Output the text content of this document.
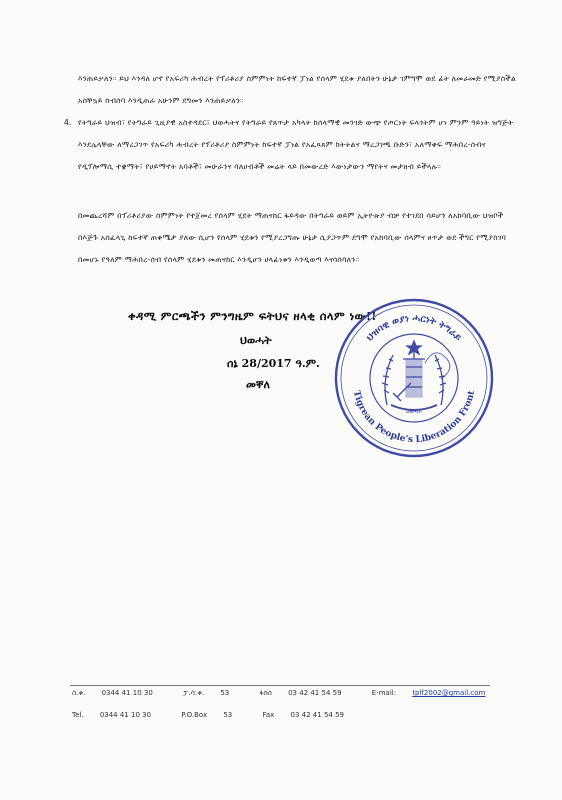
እንጠይቃለን። ይህ እንዳለ ሆኖ የአፍሪካ ሕብረት የፕሪቶሪያ ስምምነት ከፍተኛ ፓነል የሰላም ሂደቱ ያለበትን ሁኔታ ገምግሞ ወደ ፊት ለመራመድ የሚያስችል አሰቸኳይ ስብሰባ እንዲጠራ አሁንም ደግመን እንጠይቃለን።
4. የትግራይ ህዝብ፣ የትግራይ ጊዚያዊ አስተዳደር፣ ህወሓትና የትግራይ የጸጥታ አካላት ከሰላማዊ መንገድ ውጭ የጦርነት ፍላጎትም ሆነ ምንም ዓይነት ዝግጅት እንደሌላቸው ለማረጋገጥ የአፍሪካ ሕብረት የፕሪቶሪያ ስምምነት ከፍተኛ ፓነል የአፈጻጸም ክትትልና ማረጋገጫ ቡድን፣ አለማቀፍ ማሕበረ-ሰብና የዲፕሎማሲ ተቋማት፣ የሀይማኖት አባቶች፣ መሁራንና ባለሀብቶች መሬት ላይ በመውረድ እውነታውን ማየትና መታዘብ ይችላሉ።
በመጨረሻም በፕሪቶሪያው ስምምነት የተጀመረ የሰላም ሂደት ማጠናከር ፋይዳው በትግራይ ወይም ኢትዮጵያ ብቻ የተገደበ ሳይሆን ለአከባቢው ህዝቦች በእጅጉ አስፈላጊ ከፍተኛ ጠቀሜታ ያለው ሲሆን የሰላም ሂደቱን የሚያረጋግጡ ሁኔታ ሲያጋጥም ደግሞ የአከባቢው ሰላምና ፀጥታ ወደ ችግር የሚያስገባ በመሆኑ የዓለም ማሕበረ-ሰብ የሰላም ሂደቱን መጠናከር እንዲሆን ሀላፊነቱን እንዲወጣ እናሳስባለን።
ቀዳሚ ምርጫችን ምንግዜም ፍትህና ዘላቂ ሰላም ነው!!
ህወሓት
ሰኔ 28/2017 ዓ.ም.
መቐለ
ህዝባዊ ወያነ ሓርነት ትግራይ
Tigrean People's Liberation Front
ህወሓት
ስ.ቁ. 0344 41 10 30	ፓ.ሳ.ቁ. 53	ፋክስ 03 42 41 54 59	E-mail: tplf2002@gmail.com
Tel. 0344 41 10 30	P.O.Box 53	Fax 03 42 41 54 59
